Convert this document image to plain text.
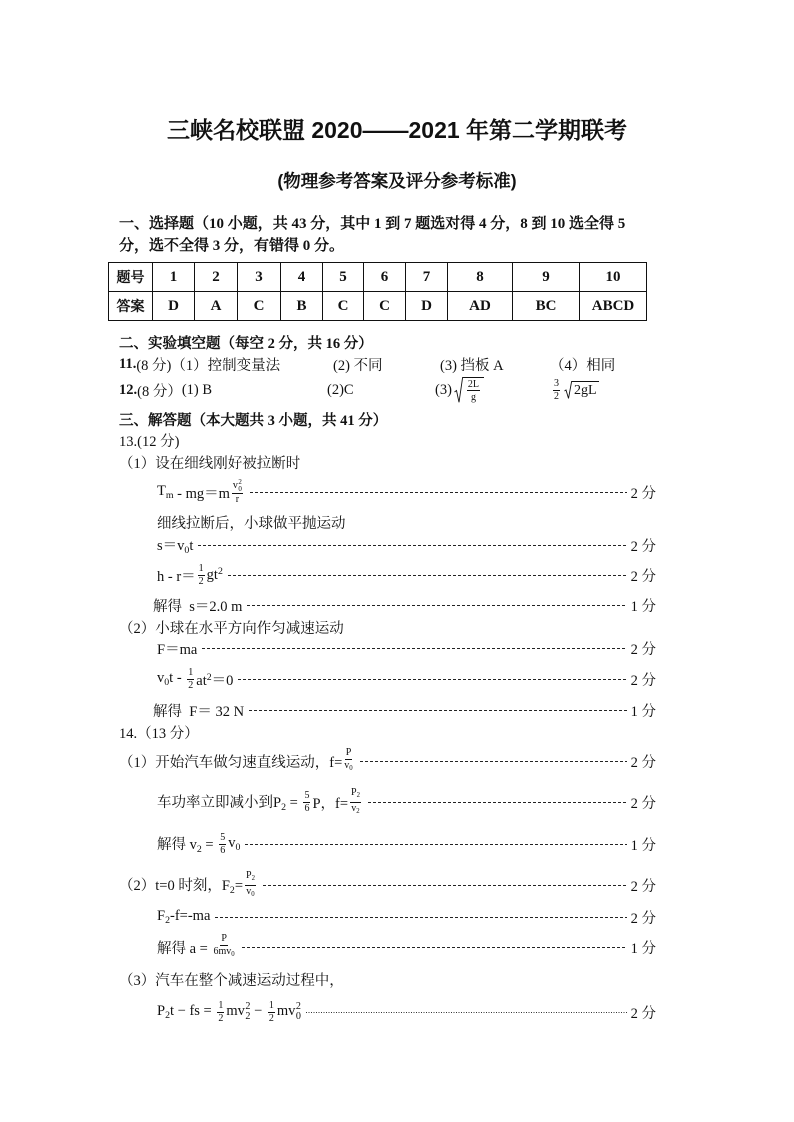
三峡名校联盟 2020——2021 年第二学期联考
(物理参考答案及评分参考标准)
一、选择题（10 小题，共 43 分，其中 1 到 7 题选对得 4 分，8 到 10 选全得 5
分，选不全得 3 分，有错得 0 分。
题号	1	2	3	4	5	6	7	8	9	10
答案	D	A	C	B	C	C	D	AD	BC	ABCD
二、实验填空题（每空 2 分，共 16 分）
11. (8 分) （1）控制变量法	(2) 不同	(3) 挡板 A	（4）相同
12. (8 分） (1) B	(2)C	$(3) \frac{2L}{g}$	$\frac{3}{2} 2gL$
三、解答题（本大题共 3 小题，共 41 分）
13.(12 分)
（1）设在细线刚好被拉断时
$T_m - mg=m$ v 2
0
r	2 分
细线拉断后，小球做平抛运动
$s=v_0t$	2 分
$h - r= \frac{1}{2} gt^2$	2 分
解得  s＝2.0 m	1 分
（2）小球在水平方向作匀减速运动
F＝ma	2 分
$v_0t - \frac{1}{2} at^2=0$	2 分
解得  F＝ 32 N	1 分
14.（13 分）
（1）开始汽车做匀速直线运动，$f= \frac{P}{v_0}$	2 分
车功率立即减小到$P_2 = \frac{5}{6}$ P，$f= \frac{P_2}{v_2}$	2 分
解得 $v_2 = \frac{5}{6} v_0$	1 分
（2）t=0 时刻，$F_2= \frac{P_2}{v_0}$	2 分
$F_2-f=-ma$	2 分
解得 $a = \frac{P}{6mv_0}$	1 分
（3）汽车在整个减速运动过程中，
$P_2t$ − fs = $\frac{1}{2}$ mv 2
$2 - \frac{1}{2}$ mv 2
0	2 分
